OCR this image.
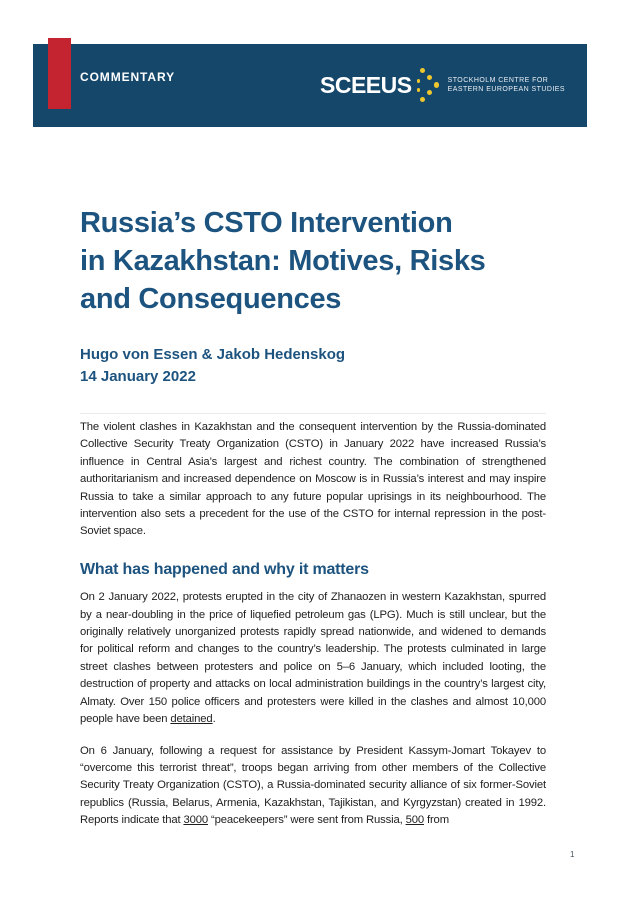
COMMENTARY	SCEEUS	STOCKHOLM CENTRE FOR
EASTERN EUROPEAN STUDIES
Russia’s CSTO Intervention
in Kazakhstan: Motives, Risks
and Consequences
Hugo von Essen & Jakob Hedenskog
14 January 2022

The violent clashes in Kazakhstan and the consequent intervention by the Russia-dominated Collective Security Treaty Organization (CSTO) in January 2022 have increased Russia’s influence in Central Asia’s largest and richest country. The combination of strengthened authoritarianism and increased dependence on Moscow is in Russia’s interest and may inspire Russia to take a similar approach to any future popular uprisings in its neighbourhood. The intervention also sets a precedent for the use of the CSTO for internal repression in the post-Soviet space.

What has happened and why it matters

On 2 January 2022, protests erupted in the city of Zhanaozen in western Kazakhstan, spurred by a near-doubling in the price of liquefied petroleum gas (LPG). Much is still unclear, but the originally relatively unorganized protests rapidly spread nationwide, and widened to demands for political reform and changes to the country’s leadership. The protests culminated in large street clashes between protesters and police on 5–6 January, which included looting, the destruction of property and attacks on local administration buildings in the country’s largest city, Almaty. Over 150 police officers and protesters were killed in the clashes and almost 10,000 people have been detained.

On 6 January, following a request for assistance by President Kassym-Jomart Tokayev to “overcome this terrorist threat”, troops began arriving from other members of the Collective Security Treaty Organization (CSTO), a Russia-dominated security alliance of six former-Soviet republics (Russia, Belarus, Armenia, Kazakhstan, Tajikistan, and Kyrgyzstan) created in 1992. Reports indicate that 3000 “peacekeepers” were sent from Russia, 500 from

1
